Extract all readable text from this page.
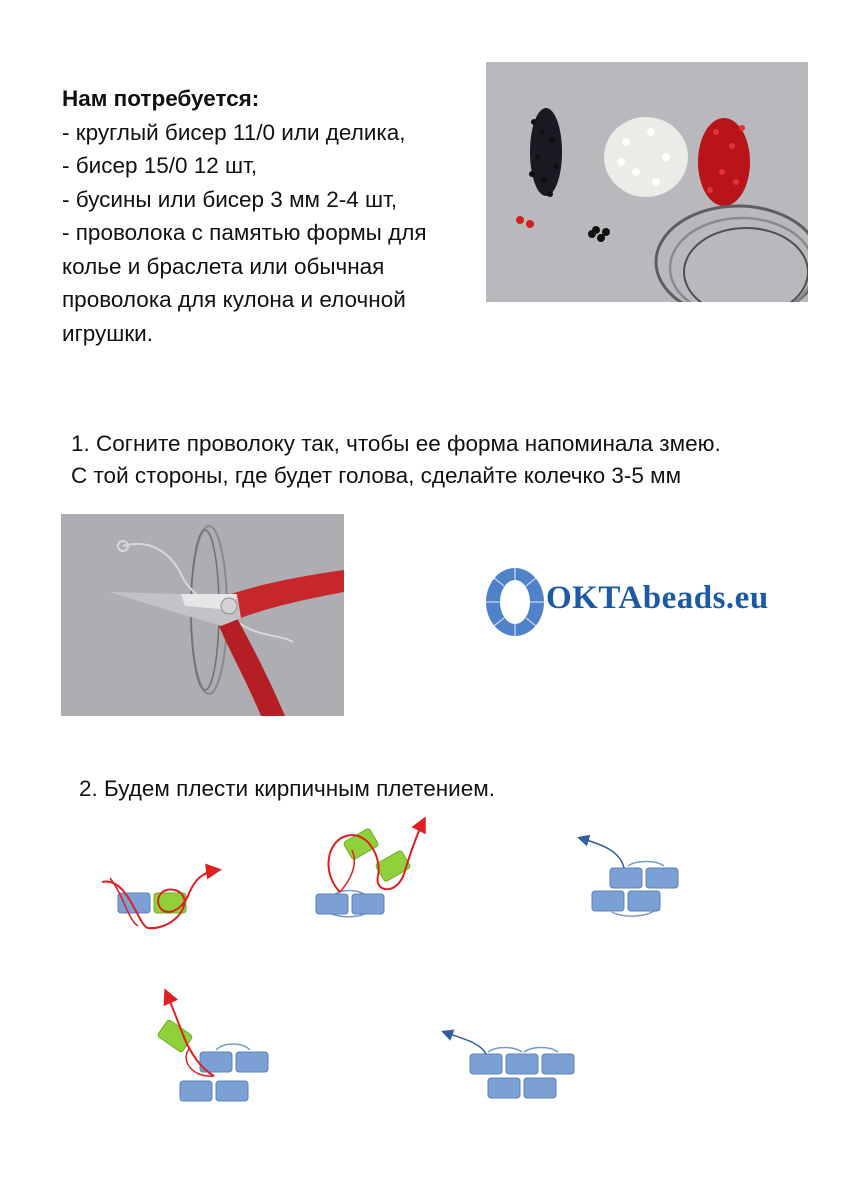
Нам потребуется:
- круглый бисер 11/0 или делика,
- бисер 15/0 12 шт,
- бусины или бисер 3 мм 2-4 шт,
- проволока с памятью формы для
колье и браслета или обычная
проволока для кулона и елочной
игрушки.
1. Согните проволоку так, чтобы ее форма напоминала змею.
С той стороны, где будет голова, сделайте колечко 3-5 мм
OKTAbeads.eu
2. Будем плести кирпичным плетением.
